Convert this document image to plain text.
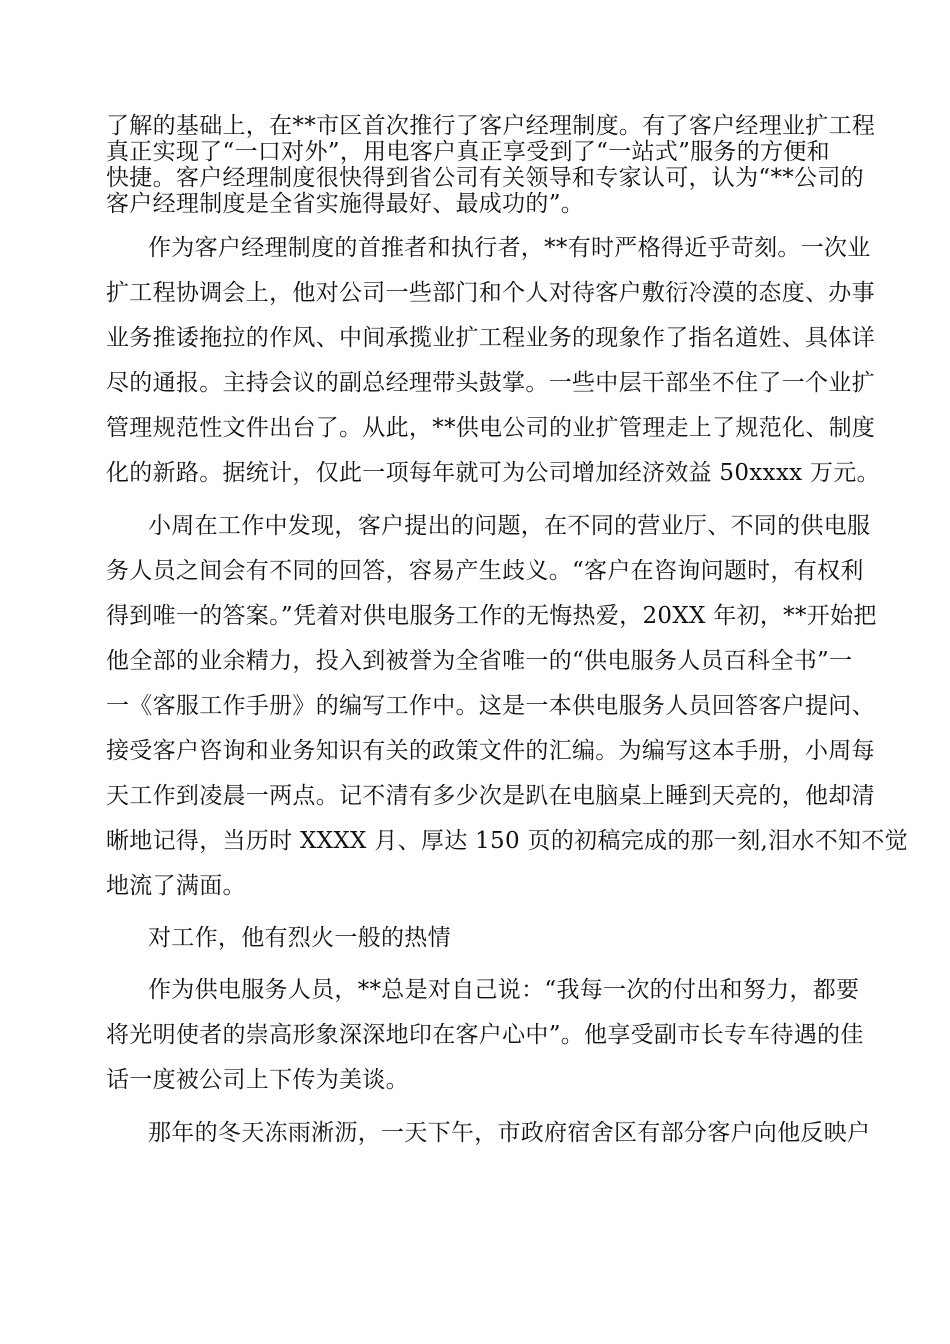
了解的基础上，在**市区首次推行了客户经理制度。有了客户经理业扩工程
真正实现了“一口对外”，用电客户真正享受到了“一站式”服务的方便和
快捷。客户经理制度很快得到省公司有关领导和专家认可，认为“**公司的
客户经理制度是全省实施得最好、最成功的”。
作为客户经理制度的首推者和执行者，**有时严格得近乎苛刻。一次业
扩工程协调会上，他对公司一些部门和个人对待客户敷衍冷漠的态度、办事
业务推诿拖拉的作风、中间承揽业扩工程业务的现象作了指名道姓、具体详
尽的通报。主持会议的副总经理带头鼓掌。一些中层干部坐不住了一个业扩
管理规范性文件出台了。从此，**供电公司的业扩管理走上了规范化、制度
化的新路。据统计，仅此一项每年就可为公司增加经济效益 50xxxx 万元。
小周在工作中发现，客户提出的问题，在不同的营业厅、不同的供电服
务人员之间会有不同的回答，容易产生歧义。“客户在咨询问题时，有权利
得到唯一的答案。”凭着对供电服务工作的无悔热爱，20XX 年初，**开始把
他全部的业余精力，投入到被誉为全省唯一的“供电服务人员百科全书”一
一《客服工作手册》的编写工作中。这是一本供电服务人员回答客户提问、
接受客户咨询和业务知识有关的政策文件的汇编。为编写这本手册，小周每
天工作到凌晨一两点。记不清有多少次是趴在电脑桌上睡到天亮的，他却清
晰地记得，当历时 XXXX 月、厚达 150 页的初稿完成的那一刻,泪水不知不觉
地流了满面。
对工作，他有烈火一般的热情
作为供电服务人员，**总是对自己说：“我每一次的付出和努力，都要
将光明使者的崇高形象深深地印在客户心中”。他享受副市长专车待遇的佳
话一度被公司上下传为美谈。
那年的冬天冻雨淅沥，一天下午，市政府宿舍区有部分客户向他反映户
